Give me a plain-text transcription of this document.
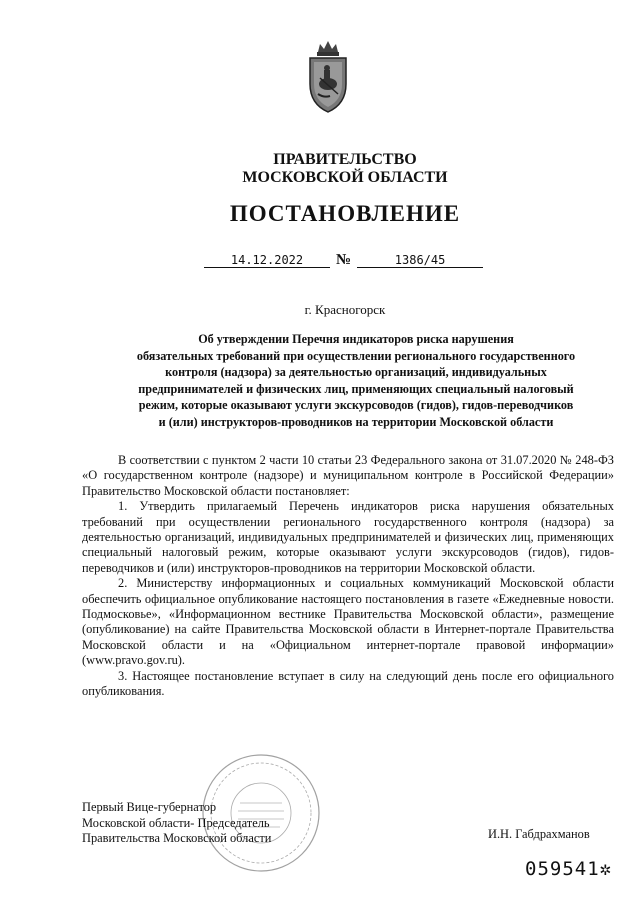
ПРАВИТЕЛЬСТВО
МОСКОВСКОЙ ОБЛАСТИ
ПОСТАНОВЛЕНИЕ
14.12.2022 №	1386/45
г. Красногорск
Об утверждении Перечня индикаторов риска нарушения
обязательных требований при осуществлении регионального государственного
контроля (надзора) за деятельностью организаций, индивидуальных
предпринимателей и физических лиц, применяющих специальный налоговый
режим, которые оказывают услуги экскурсоводов (гидов), гидов-переводчиков
и (или) инструкторов-проводников на территории Московской области

В соответствии с пунктом 2 части 10 статьи 23 Федерального закона от 31.07.2020 № 248-ФЗ «О государственном контроле (надзоре) и муниципальном контроле в Российской Федерации» Правительство Московской области постановляет:

1. Утвердить прилагаемый Перечень индикаторов риска нарушения обязательных требований при осуществлении регионального государственного контроля (надзора) за деятельностью организаций, индивидуальных предпринимателей и физических лиц, применяющих специальный налоговый режим, которые оказывают услуги экскурсоводов (гидов), гидов-переводчиков и (или) инструкторов-проводников на территории Московской области.

2. Министерству информационных и социальных коммуникаций Московской области обеспечить официальное опубликование настоящего постановления в газете «Ежедневные новости. Подмосковье», «Информационном вестнике Правительства Московской области», размещение (опубликование) на сайте Правительства Московской области в Интернет-портале Правительства Московской области и на «Официальном интернет-портале правовой информации» (www.pravo.gov.ru).

3. Настоящее постановление вступает в силу на следующий день после его официального опубликования.

Первый Вице-губернатор
Московской области- Председатель
Правительства Московской области	И.Н. Габдрахманов
059541✲
